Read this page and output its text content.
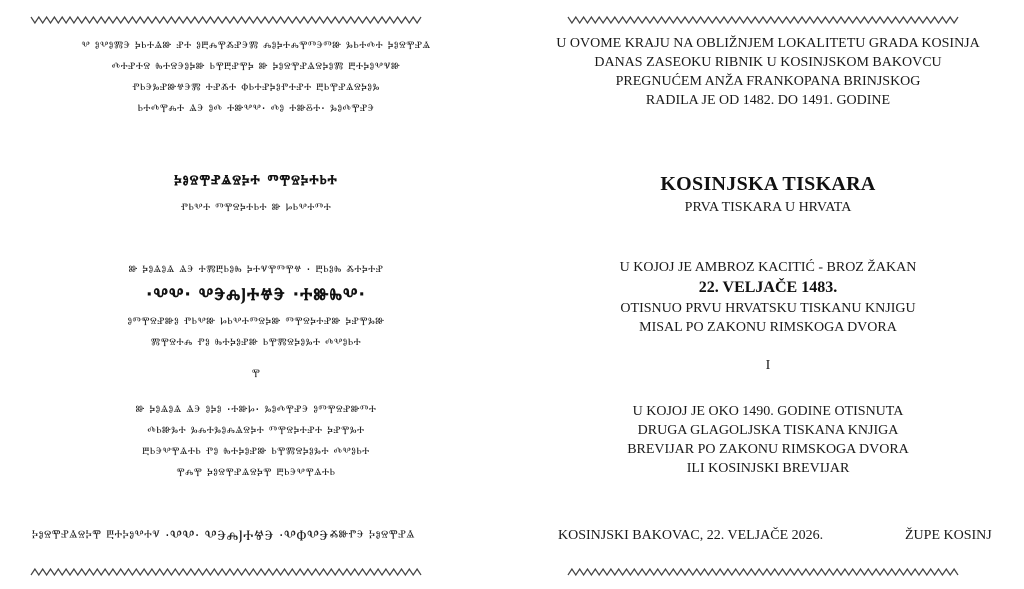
ⰲ ⱁⰲⱁⰿⰵ ⰽⱃⰰⱑⱆ ⱀⰰ ⱁⰱⰾⰹⰶⱀⰵⰿ ⰾⱁⰽⰰⰾⰹⱅⰵⱅⱆ ⰳⱃⰰⰴⰰ ⰽⱁⱄⰹⱀⱑ
ⰴⰰⱀⰰⱄ ⰸⰰⱄⰵⱁⰽⱆ ⱃⰹⰱⱀⰹⰽ ⱆ ⰽⱁⱄⰹⱀⱑⱄⰽⱁⰿ ⰱⰰⰽⱁⰲⱌⱆ
ⱂⱃⰵⰳⱀⱆⱍⰵⰿ ⰰⱀⰶⰰ ⱇⱃⰰⱀⰽⱁⱂⰰⱀⰰ ⰱⱃⰹⱀⱑⱄⰽⱁⰳ
ⱃⰰⰴⰹⰾⰰ ⱑⰵ ⱁⰴ ⰰⱆⰲⰲ· ⰴⱁ ⰰⱆⰻⰰ· ⰳⱁⰴⰹⱀⰵ
ⰽⱁⱄⰹⱀⱑⱄⰽⰰ ⱅⰹⱄⰽⰰⱃⰰ
ⱂⱃⰲⰰ ⱅⰹⱄⰽⰰⱃⰰ ⱆ ⱈⱃⰲⰰⱅⰰ
ⱆ ⰽⱁⱑⱁⱑ ⱑⰵ ⰰⰿⰱⱃⱁⰸ ⰽⰰⱌⰹⱅⰹⱍ · ⰱⱃⱁⰸ ⰶⰰⰽⰰⱀ
·ⰂⰂ· ⰂⰅⰎⰬⰀⰝⰅ ·ⰀⰖⰈⰂ·
ⱁⱅⰹⱄⱀⱆⱁ ⱂⱃⰲⱆ ⱈⱃⰲⰰⱅⱄⰽⱆ ⱅⰹⱄⰽⰰⱀⱆ ⰽⱀⰹⰳⱆ
ⰿⰹⱄⰰⰾ ⱂⱁ ⰸⰰⰽⱁⱀⱆ ⱃⰹⰿⱄⰽⱁⰳⰰ ⰴⰲⱁⱃⰰ
ⰹ
ⱆ ⰽⱁⱑⱁⱑ ⱑⰵ ⱁⰽⱁ ·ⰰⱆⱈ· ⰳⱁⰴⰹⱀⰵ ⱁⱅⰹⱄⱀⱆⱅⰰ
ⰴⱃⱆⰳⰰ ⰳⰾⰰⰳⱁⰾⱑⱄⰽⰰ ⱅⰹⱄⰽⰰⱀⰰ ⰽⱀⰹⰳⰰ
ⰱⱃⰵⰲⰹⱑⰰⱃ ⱂⱁ ⰸⰰⰽⱁⱀⱆ ⱃⰹⰿⱄⰽⱁⰳⰰ ⰴⰲⱁⱃⰰ
ⰹⰾⰹ ⰽⱁⱄⰹⱀⱑⱄⰽⰹ ⰱⱃⰵⰲⰹⱑⰰⱃ
ⰽⱁⱄⰹⱀⱑⱄⰽⰹ ⰱⰰⰽⱁⰲⰰⱌ ·ⰂⰂ· ⰂⰅⰎⰬⰀⰝⰅ ·ⰂⰗⰂⰅ·
ⰶⱆⱂⰵ ⰽⱁⱄⰹⱀⱑ
U OVOME KRAJU NA OBLIŽNJEM LOKALITETU GRADA KOSINJA
DANAS ZASEOKU RIBNIK U KOSINJSKOM BAKOVCU
PREGNUĆEM ANŽA FRANKOPANA BRINJSKOG
RADILA JE OD 1482. DO 1491. GODINE
KOSINJSKA TISKARA
PRVA TISKARA U HRVATA
U KOJOJ JE AMBROZ KACITIĆ - BROZ ŽAKAN
22. VELJAČE 1483.
OTISNUO PRVU HRVATSKU TISKANU KNJIGU
MISAL PO ZAKONU RIMSKOGA DVORA
I
U KOJOJ JE OKO 1490. GODINE OTISNUTA
DRUGA GLAGOLJSKA TISKANA KNJIGA
BREVIJAR PO ZAKONU RIMSKOGA DVORA
ILI KOSINJSKI BREVIJAR
KOSINJSKI BAKOVAC, 22. VELJAČE 2026.	ŽUPE KOSINJ
